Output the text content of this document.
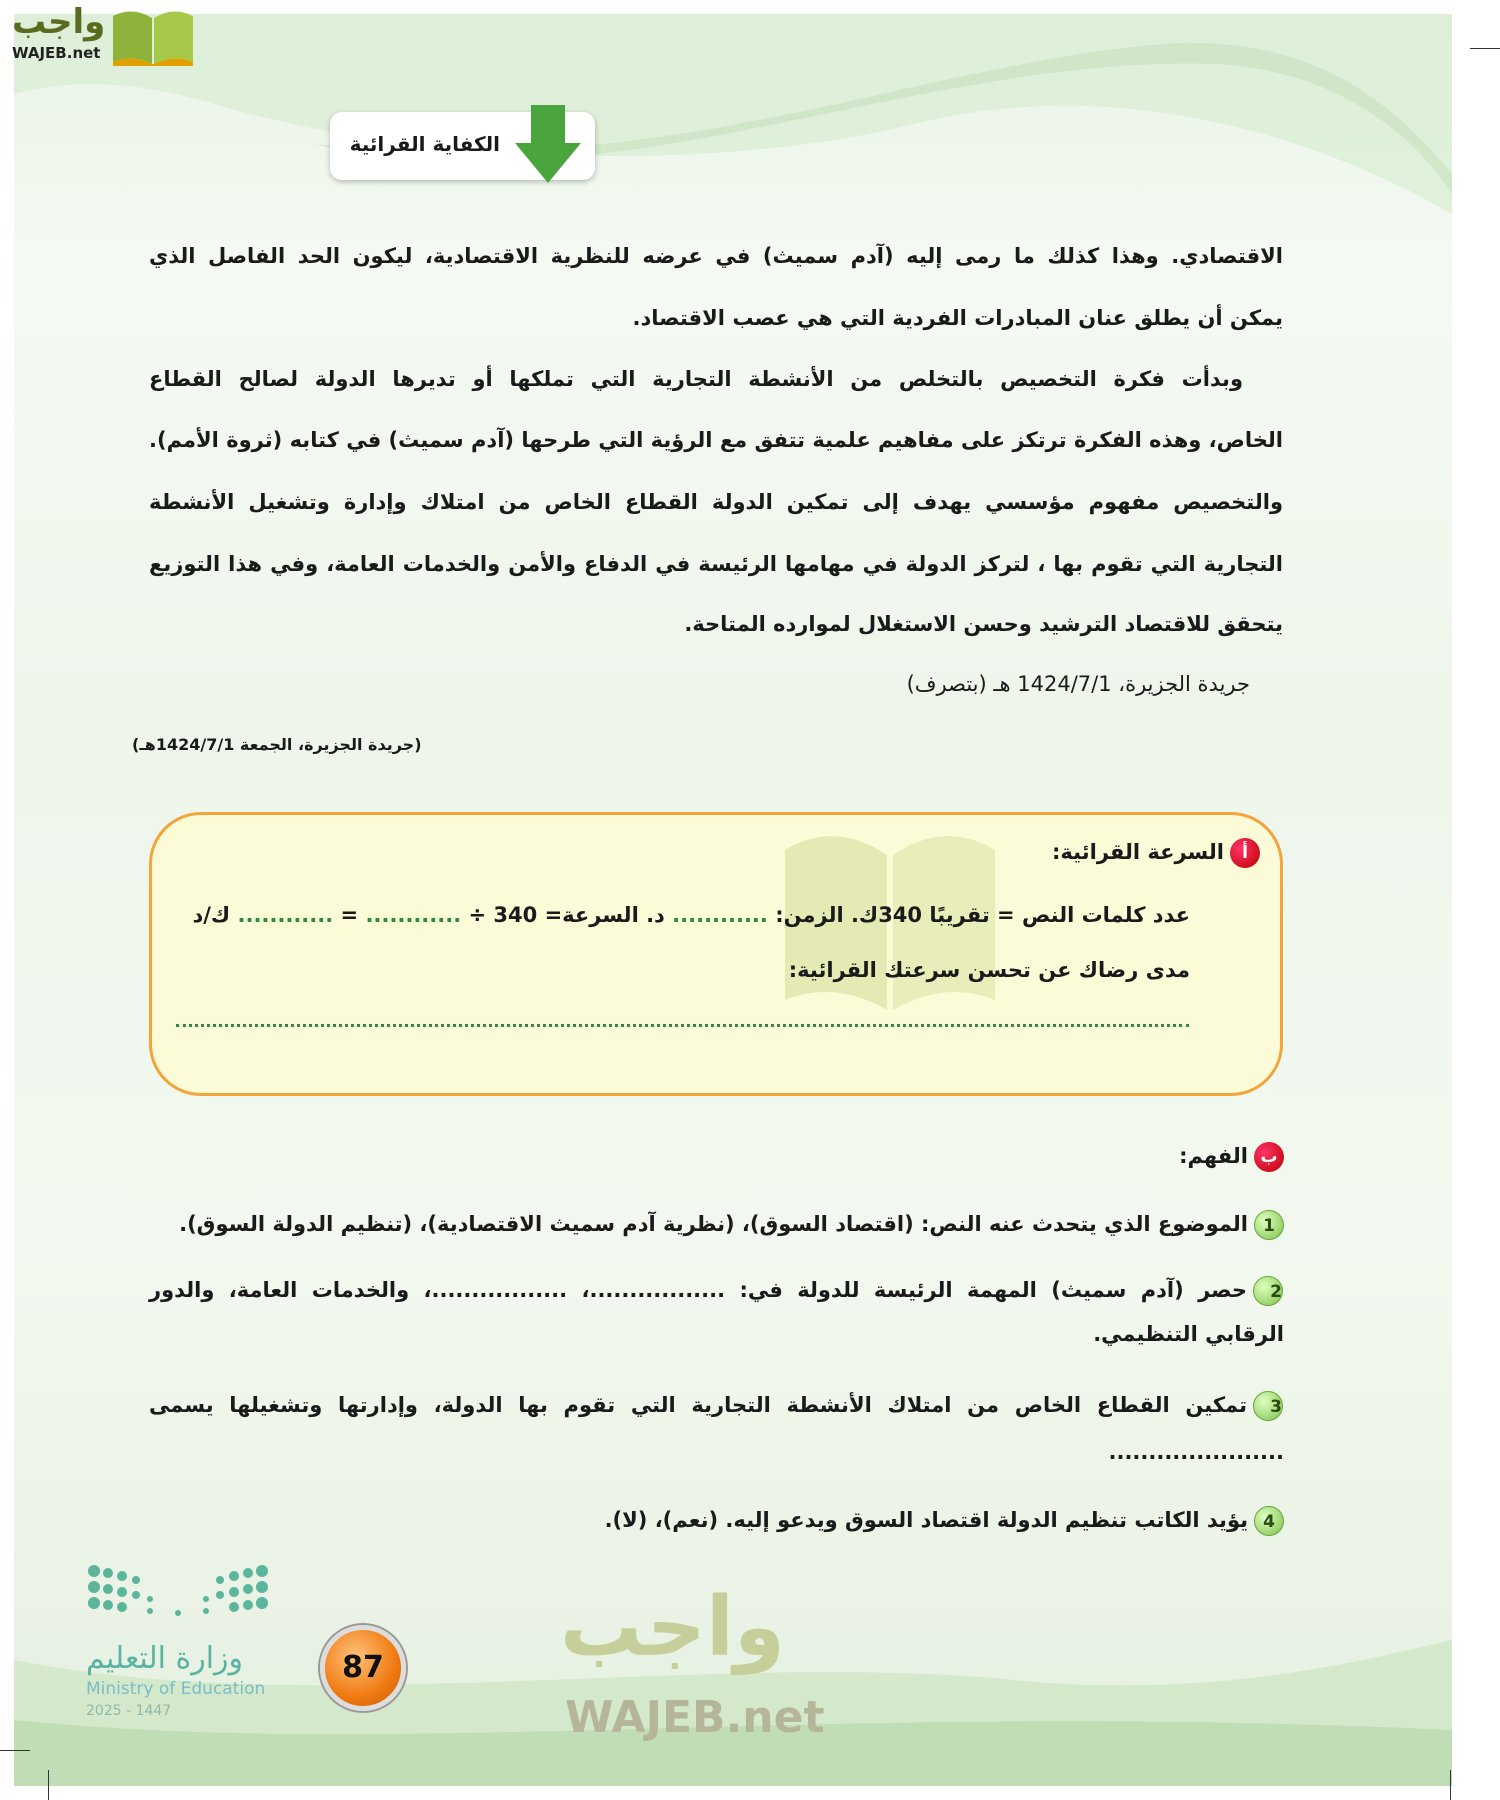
واجب
WAJEB.net
الكفاية القرائية
الاقتصادي. وهذا كذلك ما رمى إليه (آدم سميث) في عرضه للنظرية الاقتصادية، ليكون الحد الفاصل الذي
يمكن أن يطلق عنان المبادرات الفردية التي هي عصب الاقتصاد.
وبدأت فكرة التخصيص بالتخلص من الأنشطة التجارية التي تملكها أو تديرها الدولة لصالح القطاع
الخاص، وهذه الفكرة ترتكز على مفاهيم علمية تتفق مع الرؤية التي طرحها (آدم سميث) في كتابه (ثروة الأمم).
والتخصيص مفهوم مؤسسي يهدف إلى تمكين الدولة القطاع الخاص من امتلاك وإدارة وتشغيل الأنشطة
التجارية التي تقوم بها ، لتركز الدولة في مهامها الرئيسة في الدفاع والأمن والخدمات العامة، وفي هذا التوزيع
يتحقق للاقتصاد الترشيد وحسن الاستغلال لموارده المتاحة.
جريدة الجزيرة، 1424/7/1 هـ (بتصرف)
(جريدة الجزيرة، الجمعة 1424/7/1هـ)
أالسرعة القرائية:
عدد كلمات النص = تقريبًا 340ك. الزمن: ............ د. السرعة= 340 ÷ ............ = ............ ك/د
مدى رضاك عن تحسن سرعتك القرائية:
بالفهم:
1الموضوع الذي يتحدث عنه النص: (اقتصاد السوق)، (نظرية آدم سميث الاقتصادية)، (تنظيم الدولة السوق).
2حصر (آدم سميث) المهمة الرئيسة للدولة في: .................، .................، والخدمات العامة، والدور
الرقابي التنظيمي.
3تمكين القطاع الخاص من امتلاك الأنشطة التجارية التي تقوم بها الدولة، وإدارتها وتشغيلها يسمى
......................
4يؤيد الكاتب تنظيم الدولة اقتصاد السوق ويدعو إليه. (نعم)، (لا).
واجب
WAJEB.net
وزارة التعليم
Ministry of Education
2025 - 1447
87
